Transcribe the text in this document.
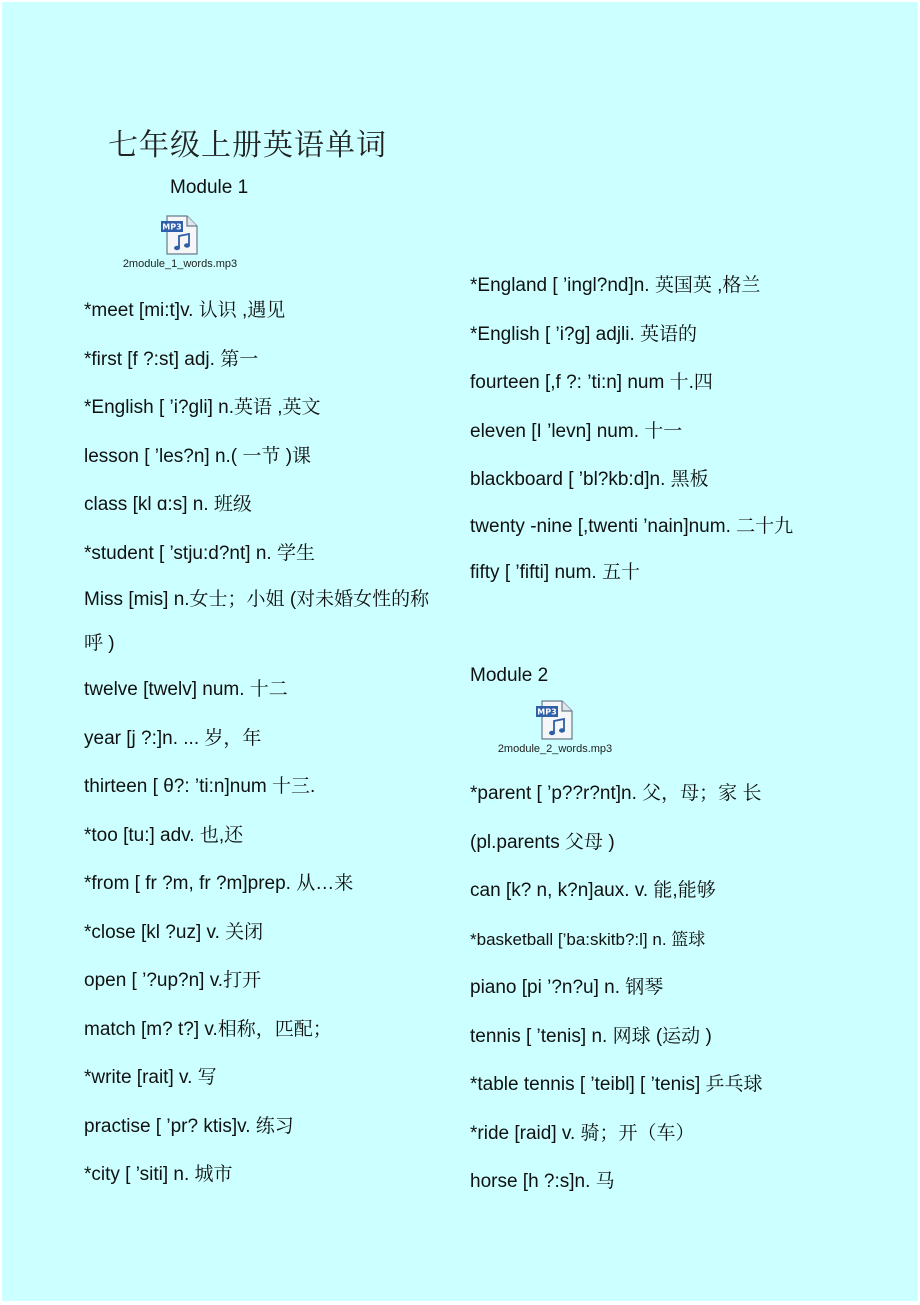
七年级上册英语单词
Module 1
MP3
2module_1_words.mp3
*meet [mi:t]v. 认识 ,遇见
*first [f ?:st] adj. 第一
*English [ ’i?gli] n.英语 ,英文
lesson [ ’les?n] n.( 一节 )课
class [kl ɑ:s] n. 班级
*student [ ’stju:d?nt] n. 学生
Miss [mis] n.女士；小姐 (对未婚女性的称呼 )
twelve [twelv] num. 十二
year [j ?:]n. ... 岁，年
thirteen [ θ?: ’ti:n]num 十三.
*too [tu:] adv. 也,还
*from [ fr ?m, fr ?m]prep. 从…来
*close [kl ?uz] v. 关闭
open [ ’?up?n] v.打开
match [m? t?] v.相称，匹配；
*write [rait] v. 写
practise [ ’pr? ktis]v. 练习
*city [ ’siti] n. 城市
*England [ ’ingl?nd]n. 英国英 ,格兰
*English [ ’i?g] adjli. 英语的
fourteen [,f ?: ’ti:n] num 十.四
eleven [I ’levn] num. 十一
blackboard [ ’bl?kb:d]n. 黑板
twenty -nine [,twenti ’nain]num. 二十九
fifty [ ’fifti] num. 五十
Module 2
MP3
2module_2_words.mp3
*parent [ ’p??r?nt]n. 父，母；家 长
(pl.parents 父母 )
can [k? n, k?n]aux. v. 能,能够
*basketball [’ba:skitb?:l] n. 篮球
piano [pi ’?n?u] n. 钢琴
tennis [ ’tenis] n. 网球 (运动 )
*table tennis [ ’teibl] [ ’tenis] 乒乓球
*ride [raid] v. 骑；开（车）
horse [h ?:s]n. 马
